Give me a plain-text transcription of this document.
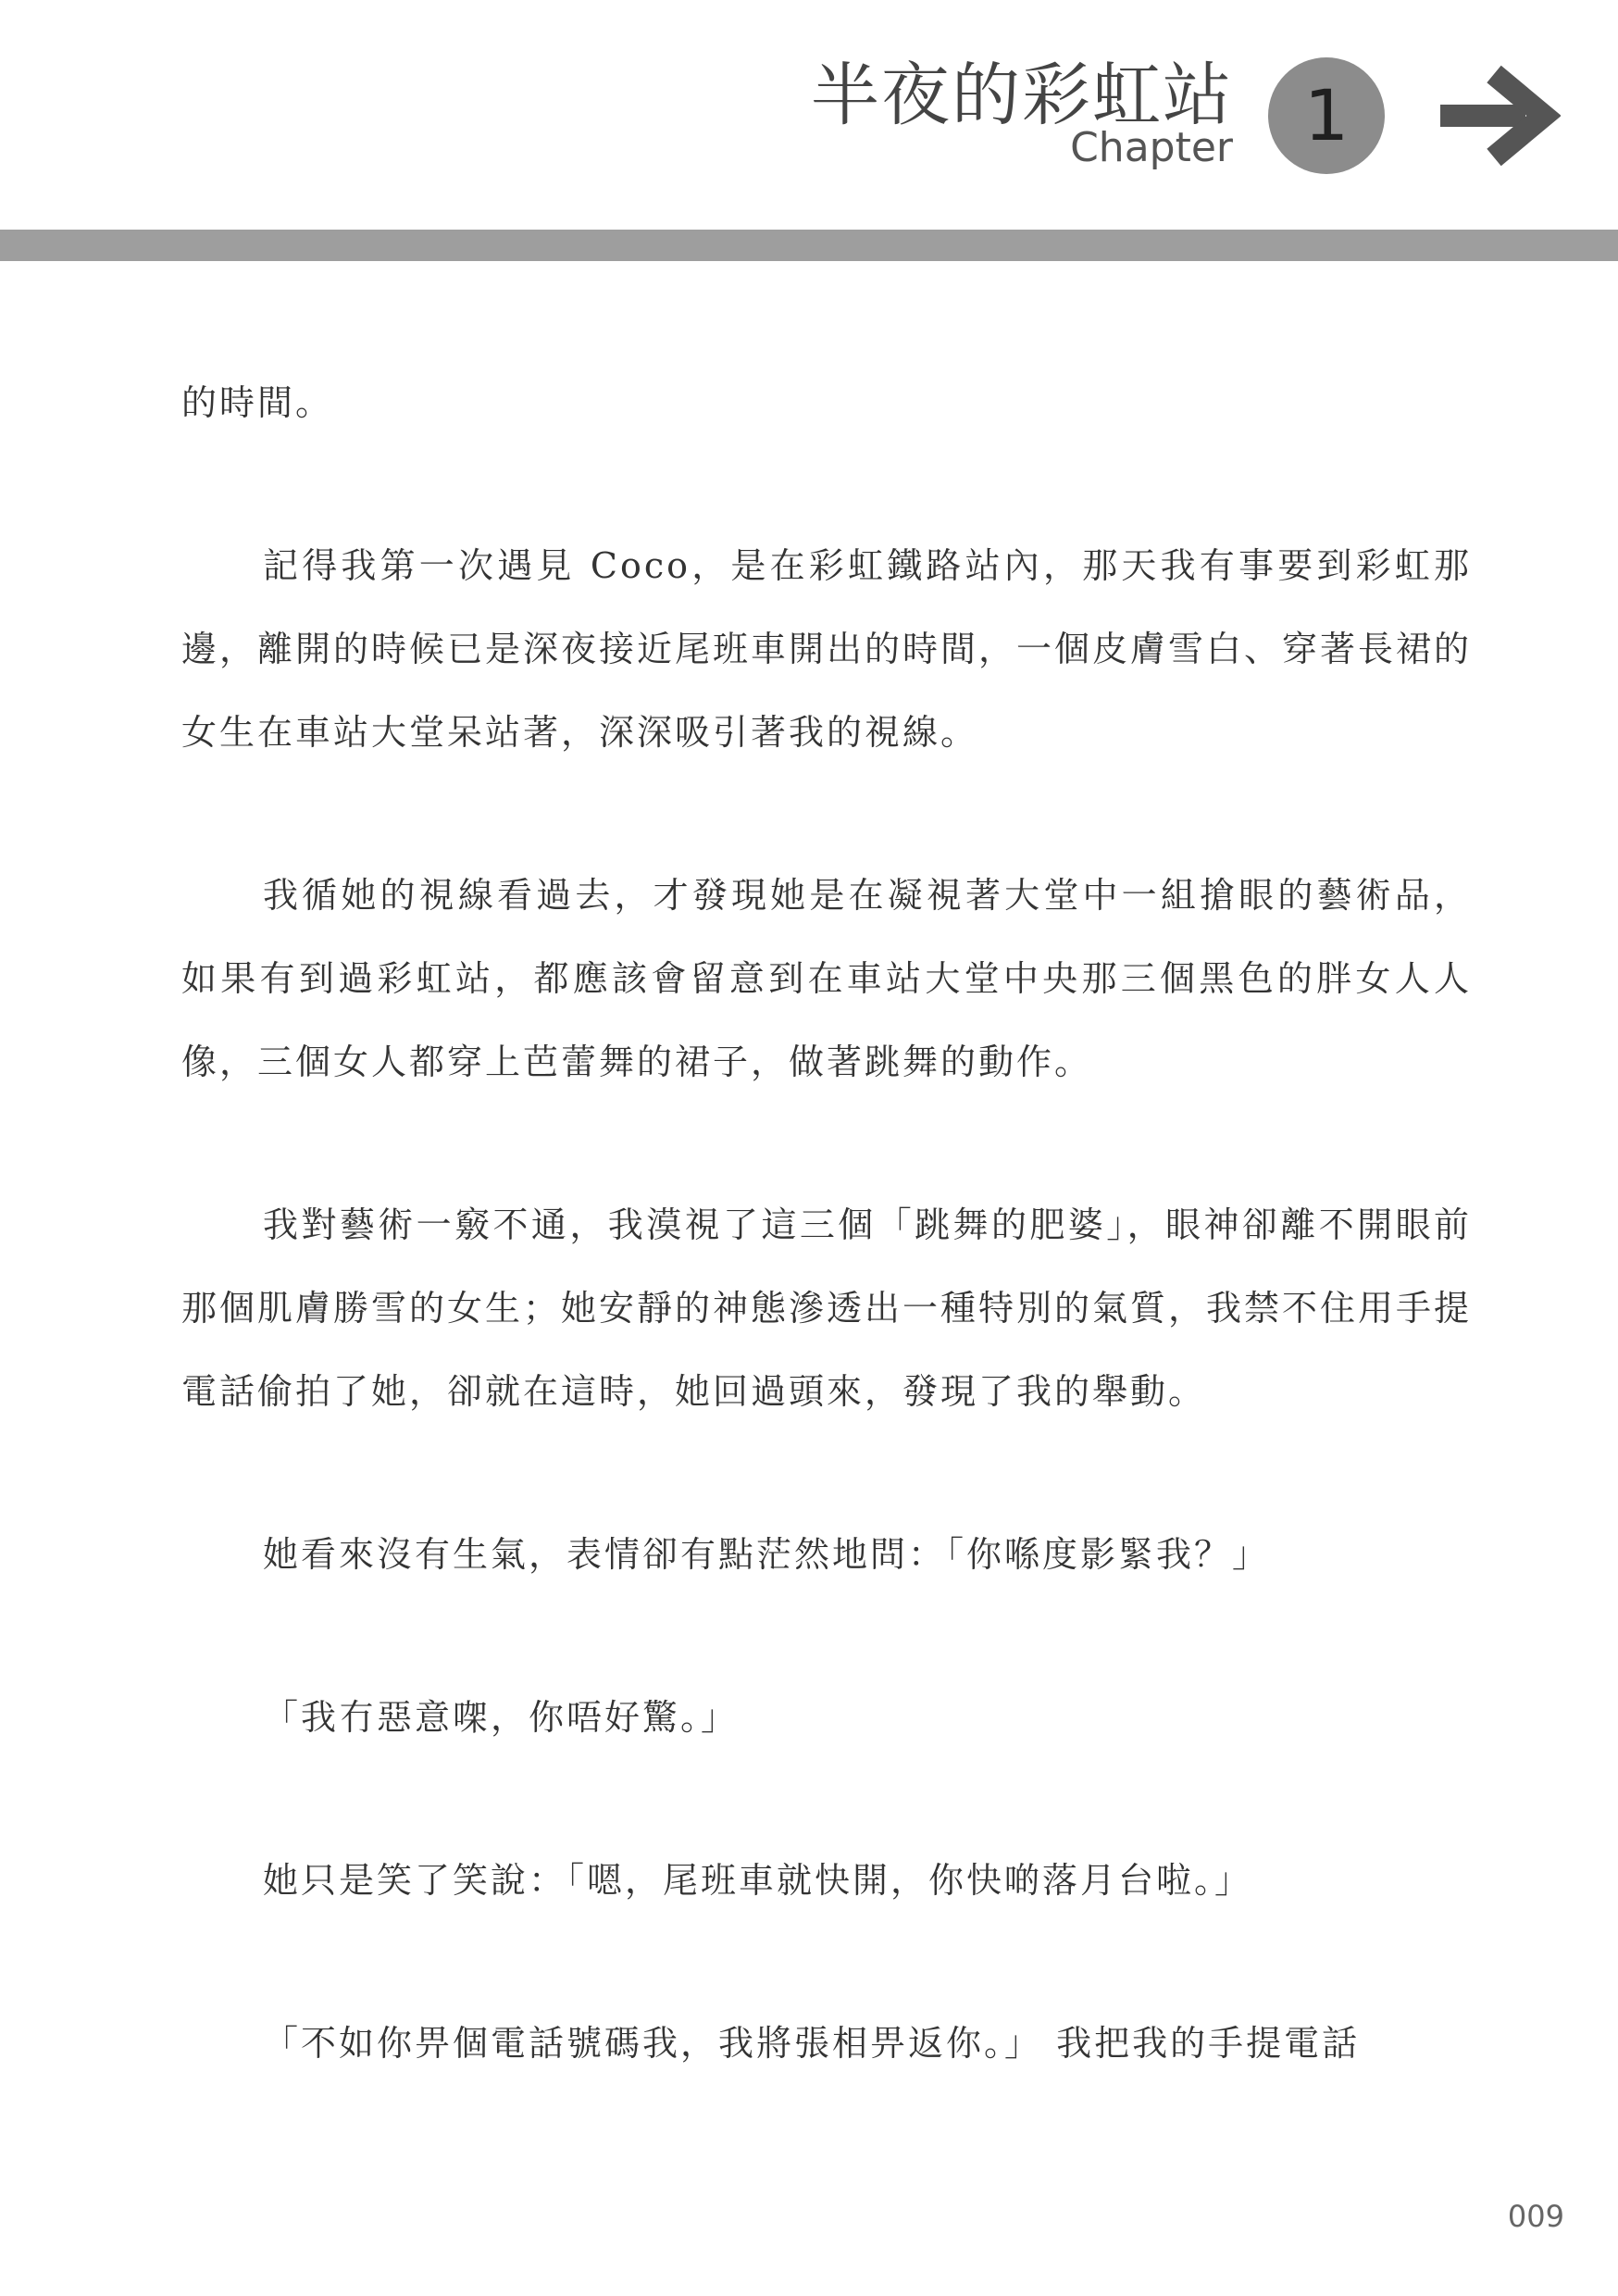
半夜的彩虹站
Chapter	1

的時間。

記得我第一次遇見 Coco，是在彩虹鐵路站內，那天我有事要到彩虹那邊，離開的時候已是深夜接近尾班車開出的時間，一個皮膚雪白、穿著長裙的女生在車站大堂呆站著，深深吸引著我的視線。

我循她的視線看過去，才發現她是在凝視著大堂中一組搶眼的藝術品，如果有到過彩虹站，都應該會留意到在車站大堂中央那三個黑色的胖女人人像，三個女人都穿上芭蕾舞的裙子，做著跳舞的動作。

我對藝術一竅不通，我漠視了這三個「跳舞的肥婆」，眼神卻離不開眼前那個肌膚勝雪的女生；她安靜的神態滲透出一種特別的氣質，我禁不住用手提電話偷拍了她，卻就在這時，她回過頭來，發現了我的舉動。

她看來沒有生氣，表情卻有點茫然地問：「你喺度影緊我？」

「我冇惡意㗎，你唔好驚。」

她只是笑了笑說：「嗯，尾班車就快開，你快啲落月台啦。」

「不如你畀個電話號碼我，我將張相畀返你。」 我把我的手提電話

009
